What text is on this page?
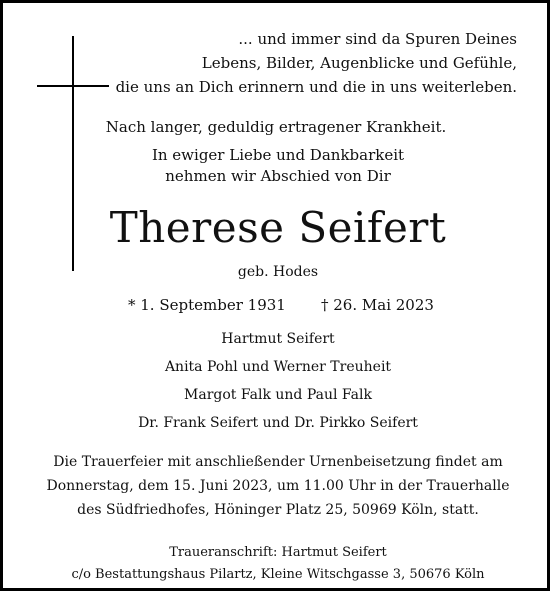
... und immer sind da Spuren Deines
Lebens, Bilder, Augenblicke und Gefühle,
die uns an Dich erinnern und die in uns weiterleben.
Nach langer, geduldig ertragener Krankheit.
In ewiger Liebe und Dankbarkeit
nehmen wir Abschied von Dir
Therese Seifert
geb. Hodes
* 1. September 1931 † 26. Mai 2023
Hartmut Seifert
Anita Pohl und Werner Treuheit
Margot Falk und Paul Falk
Dr. Frank Seifert und Dr. Pirkko Seifert
Die Trauerfeier mit anschließender Urnenbeisetzung findet am
Donnerstag, dem 15. Juni 2023, um 11.00 Uhr in der Trauerhalle
des Südfriedhofes, Höninger Platz 25, 50969 Köln, statt.
Traueranschrift: Hartmut Seifert
c/o Bestattungshaus Pilartz, Kleine Witschgasse 3, 50676 Köln
